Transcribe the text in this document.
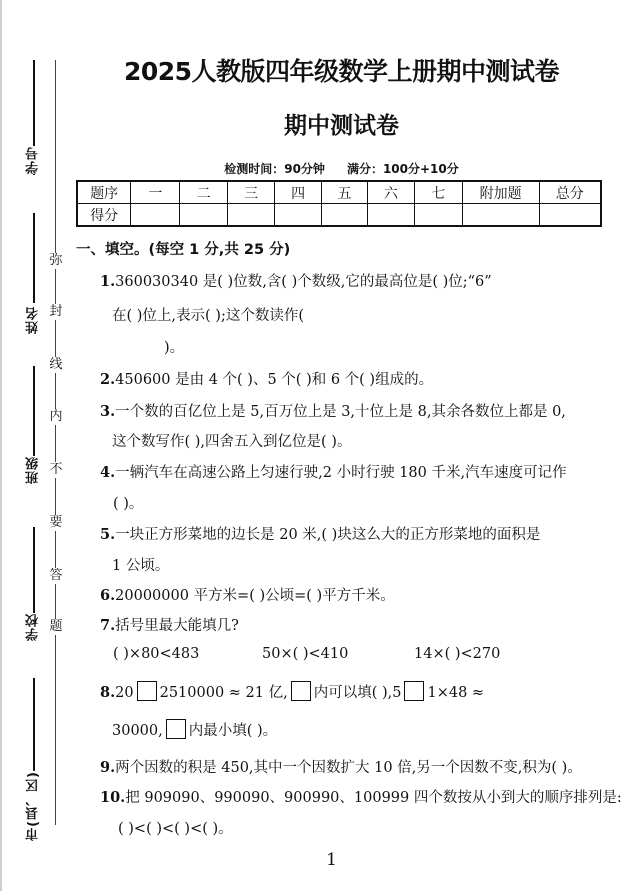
学号
姓名
班级
学校
市(县、区)
弥
封
线
内
不
要
答
题
2025人教版四年级数学上册期中测试卷
期中测试卷
检测时间：90分钟 满分：100分+10分
题序	一	二	三	四	五	六	七	附加题	总分
得分									
一、填空。(每空 1 分,共 25 分)
1.360030340 是( )位数,含( )个数级,它的最高位是( )位;“6”
在( )位上,表示( );这个数读作(
)。
2.450600 是由 4 个( )、5 个( )和 6 个( )组成的。
3.一个数的百亿位上是 5,百万位上是 3,十位上是 8,其余各数位上都是 0,
这个数写作( ),四舍五入到亿位是( )。
4.一辆汽车在高速公路上匀速行驶,2 小时行驶 180 千米,汽车速度可记作
( )。
5.一块正方形菜地的边长是 20 米,( )块这么大的正方形菜地的面积是
1 公顷。
6.20000000 平方米=( )公顷=( )平方千米。
7.括号里最大能填几?
( )×80<483	50×( )<410	14×( )<270
8.20 2510000 ≈ 21 亿, 内可以填( ),5 1×48 ≈
30000, 内最小填( )。
9.两个因数的积是 450,其中一个因数扩大 10 倍,另一个因数不变,积为( )。
10.把 909090、990090、900990、100999 四个数按从小到大的顺序排列是:
( )<( )<( )<( )。
1
